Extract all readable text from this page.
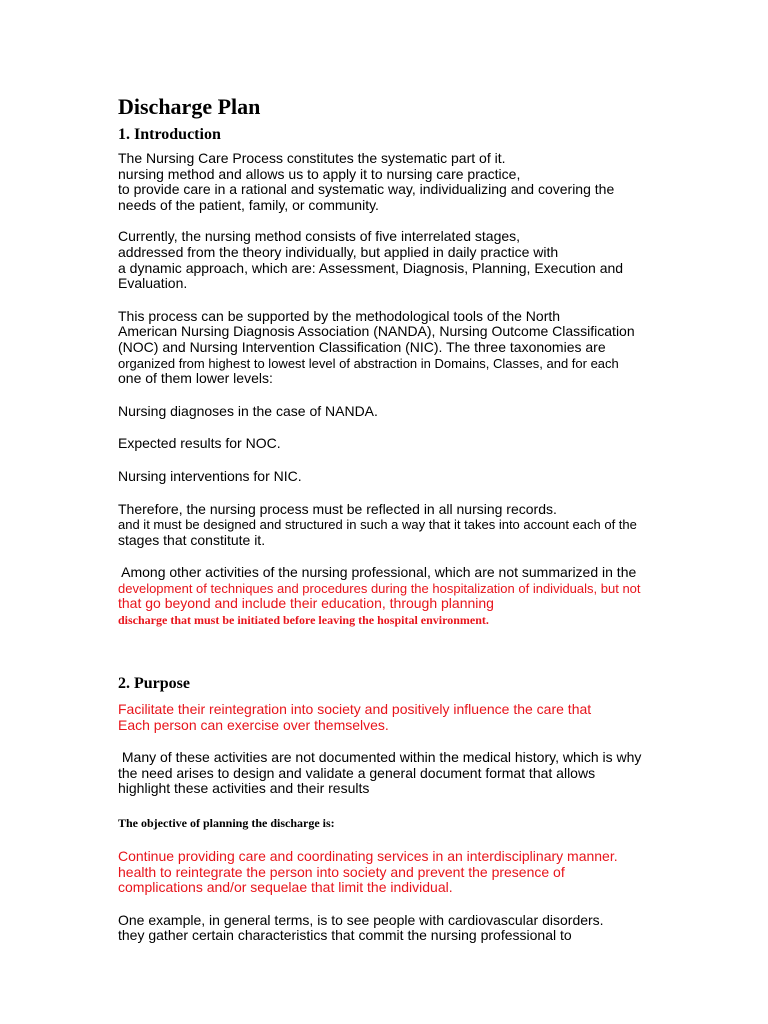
Discharge Plan
1. Introduction

The Nursing Care Process constitutes the systematic part of it.
nursing method and allows us to apply it to nursing care practice,
to provide care in a rational and systematic way, individualizing and covering the
needs of the patient, family, or community.

Currently, the nursing method consists of five interrelated stages,
addressed from the theory individually, but applied in daily practice with
a dynamic approach, which are: Assessment, Diagnosis, Planning, Execution and
Evaluation.

This process can be supported by the methodological tools of the North
American Nursing Diagnosis Association (NANDA), Nursing Outcome Classification
(NOC) and Nursing Intervention Classification (NIC). The three taxonomies are
organized from highest to lowest level of abstraction in Domains, Classes, and for each
one of them lower levels:

Nursing diagnoses in the case of NANDA.

Expected results for NOC.

Nursing interventions for NIC.

Therefore, the nursing process must be reflected in all nursing records.
and it must be designed and structured in such a way that it takes into account each of the
stages that constitute it.

Among other activities of the nursing professional, which are not summarized in the
development of techniques and procedures during the hospitalization of individuals, but not
that go beyond and include their education, through planning
discharge that must be initiated before leaving the hospital environment.

2. Purpose

Facilitate their reintegration into society and positively influence the care that
Each person can exercise over themselves.

Many of these activities are not documented within the medical history, which is why
the need arises to design and validate a general document format that allows
highlight these activities and their results

The objective of planning the discharge is:

Continue providing care and coordinating services in an interdisciplinary manner.
health to reintegrate the person into society and prevent the presence of
complications and/or sequelae that limit the individual.

One example, in general terms, is to see people with cardiovascular disorders.
they gather certain characteristics that commit the nursing professional to
